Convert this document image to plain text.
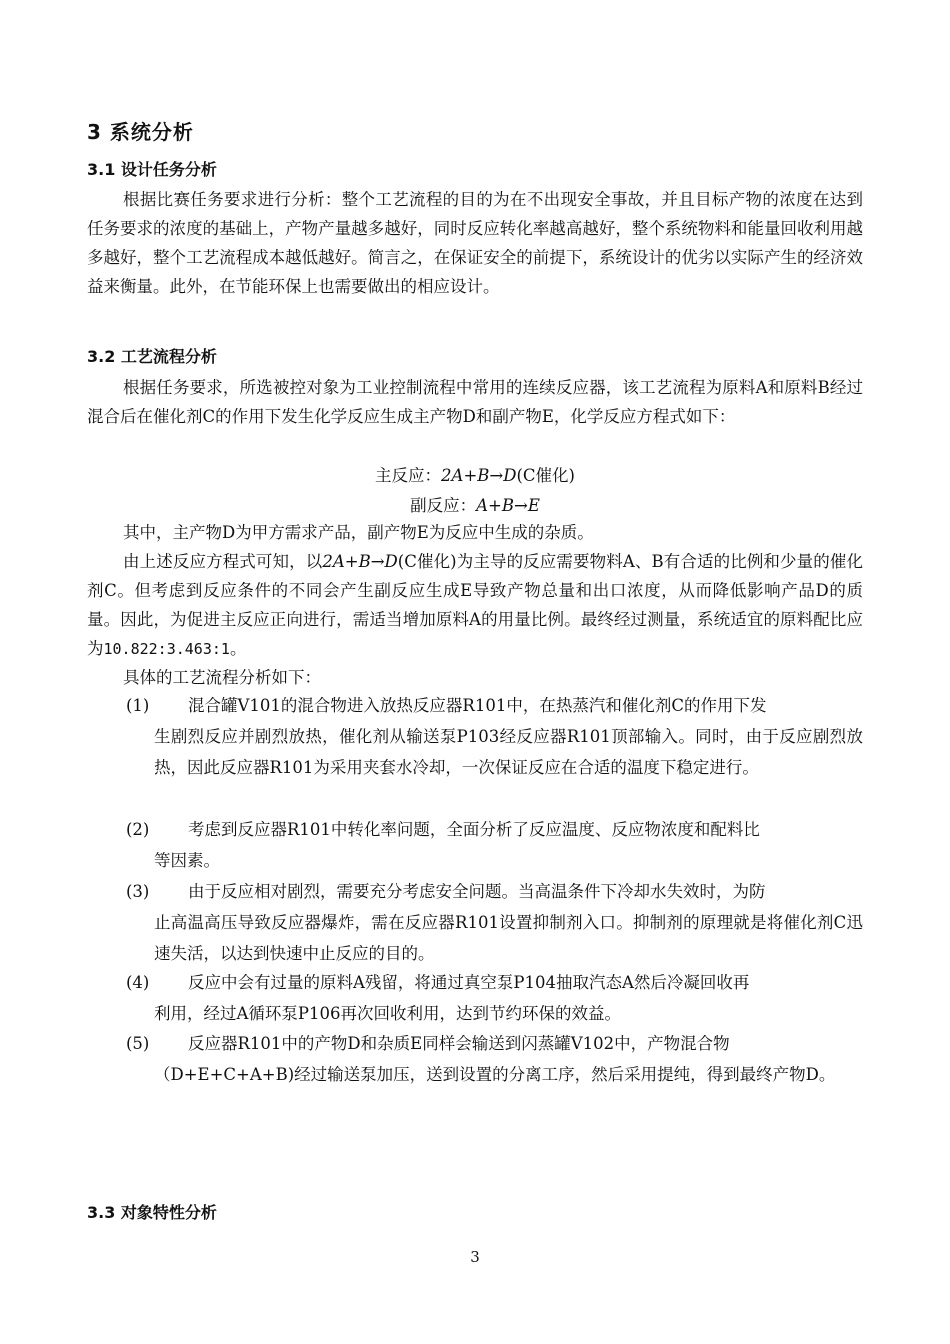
3 系统分析
3.1 设计任务分析

根据比赛任务要求进行分析：整个工艺流程的目的为在不出现安全事故，并且目标产物的浓度在达到任务要求的浓度的基础上，产物产量越多越好，同时反应转化率越高越好，整个系统物料和能量回收利用越多越好，整个工艺流程成本越低越好。简言之，在保证安全的前提下，系统设计的优劣以实际产生的经济效益来衡量。此外，在节能环保上也需要做出的相应设计。

3.2 工艺流程分析

根据任务要求，所选被控对象为工业控制流程中常用的连续反应器，该工艺流程为原料A和原料B经过混合后在催化剂C的作用下发生化学反应生成主产物D和副产物E，化学反应方程式如下：

主反应：2A+B→D(C催化)
副反应：A+B→E

其中，主产物D为甲方需求产品，副产物E为反应中生成的杂质。

由上述反应方程式可知，以2A+B→D(C催化)为主导的反应需要物料A、B有合适的比例和少量的催化剂C。但考虑到反应条件的不同会产生副反应生成E导致产物总量和出口浓度，从而降低影响产品D的质量。因此，为促进主反应正向进行，需适当增加原料A的用量比例。最终经过测量，系统适宜的原料配比应为10.822:3.463:1。

具体的工艺流程分析如下：

(1) 混合罐V101的混合物进入放热反应器R101中，在热蒸汽和催化剂C的作用下发
生剧烈反应并剧烈放热，催化剂从输送泵P103经反应器R101顶部输入。同时，由于反应剧烈放热，因此反应器R101为采用夹套水冷却，一次保证反应在合适的温度下稳定进行。
(2) 考虑到反应器R101中转化率问题，全面分析了反应温度、反应物浓度和配料比
等因素。
(3) 由于反应相对剧烈，需要充分考虑安全问题。当高温条件下冷却水失效时，为防
止高温高压导致反应器爆炸，需在反应器R101设置抑制剂入口。抑制剂的原理就是将催化剂C迅速失活，以达到快速中止反应的目的。
(4) 反应中会有过量的原料A残留，将通过真空泵P104抽取汽态A然后冷凝回收再
利用，经过A循环泵P106再次回收利用，达到节约环保的效益。
(5) 反应器R101中的产物D和杂质E同样会输送到闪蒸罐V102中，产物混合物
（D+E+C+A+B)经过输送泵加压，送到设置的分离工序，然后采用提纯，得到最终产物D。
3.3 对象特性分析
3
